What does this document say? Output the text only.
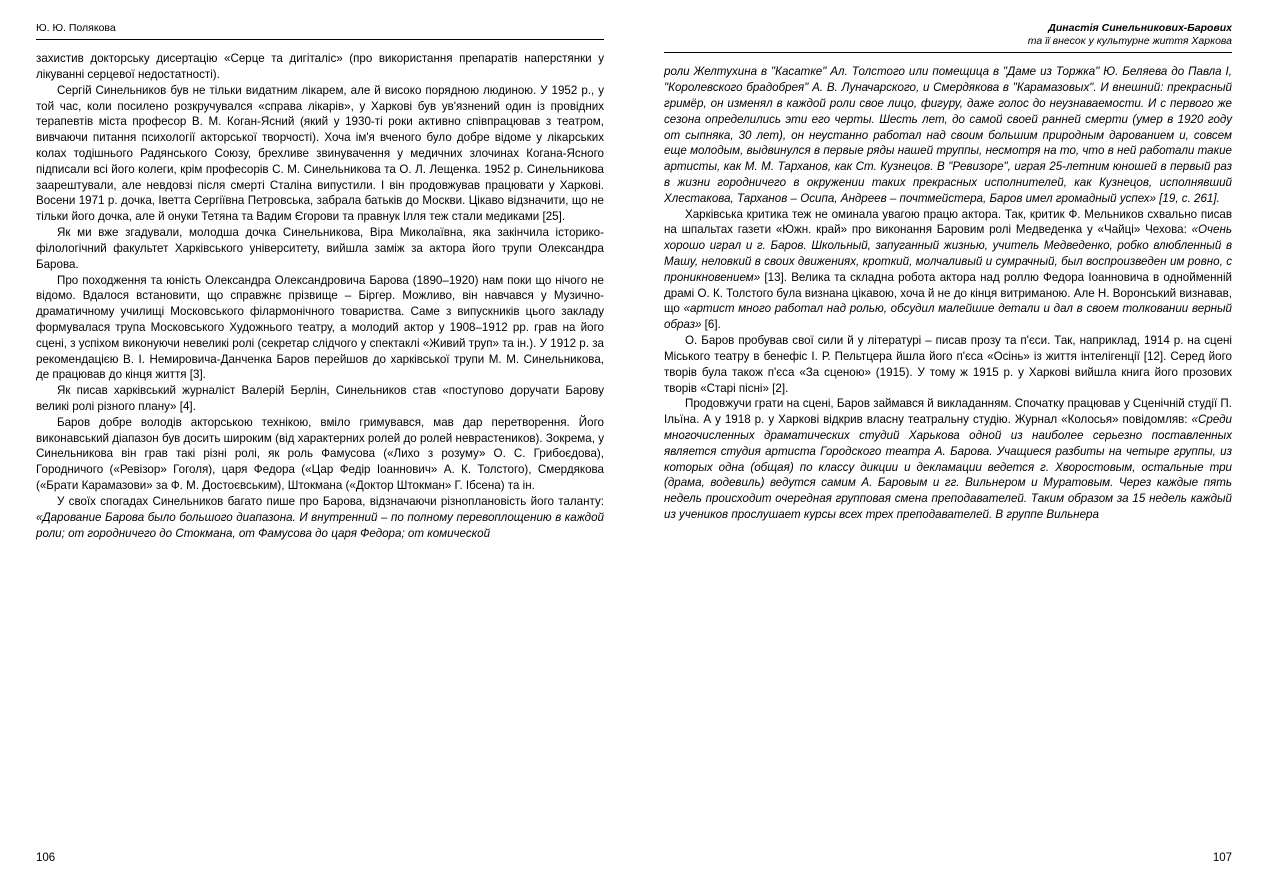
Ю. Ю. Полякова

захистив докторську дисертацію «Серце та дигіталіс» (про використання препаратів наперстянки у лікуванні серцевої недостатності).

Сергій Синельников був не тільки видатним лікарем, але й високо порядною людиною. У 1952 р., у той час, коли посилено розкручувался «справа лікарів», у Харкові був ув'язнений один із провідних терапевтів міста професор В. М. Коган-Ясний (який у 1930-ті роки активно співпрацював з театром, вивчаючи питання психології акторської творчості). Хоча ім'я вченого було добре відоме у лікарських колах тодішнього Радянського Союзу, брехливе звинувачення у медичних злочинах Когана-Ясного підписали всі його колеги, крім професорів С. М. Синельникова та О. Л. Лещенка. 1952 р. Синельникова заарештували, але невдовзі після смерті Сталіна випустили. І він продовжував працювати у Харкові. Восени 1971 р. дочка, Іветта Сергіївна Петровська, забрала батьків до Москви. Цікаво відзначити, що не тільки його дочка, але й онуки Тетяна та Вадим Єгорови та правнук Ілля теж стали медиками [25].

Як ми вже згадували, молодша дочка Синельникова, Віра Миколаївна, яка закінчила історико-філологічний факультет Харківського університету, вийшла заміж за актора його трупи Олександра Барова.

Про походження та юність Олександра Олександровича Барова (1890–1920) нам поки що нічого не відомо. Вдалося встановити, що справжнє прізвище – Біргер. Можливо, він навчався у Музично-драматичному училищі Московського філармонічного товариства. Саме з випускників цього закладу формувалася трупа Московського Художнього театру, а молодий актор у 1908–1912 рр. грав на його сцені, з успіхом виконуючи невеликі ролі (секретар слідчого у спектаклі «Живий труп» та ін.). У 1912 р. за рекомендацією В. І. Немировича-Данченка Баров перейшов до харківської трупи М. М. Синельникова, де працював до кінця життя [3].

Як писав харківський журналіст Валерій Берлін, Синельников став «поступово доручати Барову великі ролі різного плану» [4].

Баров добре володів акторською технікою, вміло гримувався, мав дар перетворення. Його виконавський діапазон був досить широким (від характерних ролей до ролей неврастеников). Зокрема, у Синельникова він грав такі різні ролі, як роль Фамусова («Лихо з розуму» О. С. Грибоєдова), Городничого («Ревізор» Гоголя), царя Федора («Цар Федір Іоаннович» А. К. Толстого), Смердякова («Брати Карамазови» за Ф. М. Достоєвським), Штокмана («Доктор Штокман» Г. Ібсена) та ін.

У своїх спогадах Синельников багато пише про Барова, відзначаючи різноплановість його таланту: «Дарование Барова было большого диапазона. И внутренний – по полному перевоплощению в каждой роли; от городничего до Стокмана, от Фамусова до царя Федора; от комической

106
Династія Синельникових-Барових
та її внесок у культурне життя Харкова

роли Желтухина в "Касатке" Ал. Толстого или помещица в "Даме из Торжка" Ю. Беляева до Павла I, "Королевского брадобрея" А. В. Луначарского, и Смердякова в "Карамазовых". И внешний: прекрасный гримёр, он изменял в каждой роли свое лицо, фигуру, даже голос до неузнаваемости. И с первого же сезона определились эти его черты. Шесть лет, до самой своей ранней смерти (умер в 1920 году от сыпняка, 30 лет), он неустанно работал над своим большим природным дарованием и, совсем еще молодым, выдвинулся в первые ряды нашей труппы, несмотря на то, что в ней работали такие артисты, как М. М. Тарханов, как Ст. Кузнецов. В "Ревизоре", играя 25-летним юношей в первый раз в жизни городничего в окружении таких прекрасных исполнителей, как Кузнецов, исполнявший Хлестакова, Тарханов – Осипа, Андреев – почтмейстера, Баров имел громадный успех» [19, с. 261].

Харківська критика теж не оминала увагою працю актора. Так, критик Ф. Мельников схвально писав на шпальтах газети «Южн. край» про виконання Баровим ролі Медведенка у «Чайці» Чехова: «Очень хорошо играл и г. Баров. Школьный, запуганный жизнью, учитель Медведенко, робко влюбленный в Машу, неловкий в своих движениях, кроткий, молчаливый и сумрачный, был воспроизведен им ровно, с проникновением» [13]. Велика та складна робота актора над роллю Федора Іоанновича в однойменній драмі О. К. Толстого була визнана цікавою, хоча й не до кінця витриманою. Але Н. Воронський визнавав, що «артист много работал над ролью, обсудил малейшие детали и дал в своем толковании верный образ» [6].

О. Баров пробував свої сили й у літературі – писав прозу та п'єси. Так, наприклад, 1914 р. на сцені Міського театру в бенефіс І. Р. Пельтцера йшла його п'єса «Осінь» із життя інтелігенції [12]. Серед його творів була також п'єса «За сценою» (1915). У тому ж 1915 р. у Харкові вийшла книга його прозових творів «Старі пісні» [2].

Продовжучи грати на сцені, Баров займався й викладанням. Спочатку працював у Сценічній студії П. Ільїна. А у 1918 р. у Харкові відкрив власну театральну студію. Журнал «Колосья» повідомляв: «Среди многочисленных драматических студий Харькова одной из наиболее серьезно поставленных является студия артиста Городского театра А. Барова. Учащиеся разбиты на четыре группы, из которых одна (общая) по классу дикции и декламации ведется г. Хворостовым, остальные три (драма, водевиль) ведутся самим А. Баровым и гг. Вильнером и Муратовым. Через каждые пять недель происходит очередная групповая смена преподавателей. Таким образом за 15 недель каждый из учеников прослушает курсы всех трех преподавателей. В группе Вильнера

107
